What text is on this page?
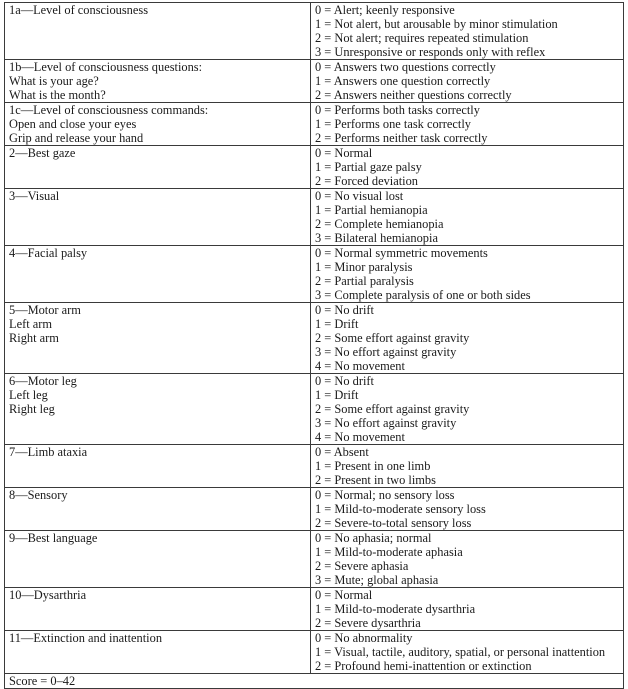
1a—Level of consciousness	0 = Alert; keenly responsive
1 = Not alert, but arousable by minor stimulation
2 = Not alert; requires repeated stimulation
3 = Unresponsive or responds only with reflex

1b—Level of consciousness questions:
What is your age?
What is the month?	0 = Answers two questions correctly
1 = Answers one question correctly
2 = Answers neither questions correctly

1c—Level of consciousness commands:
Open and close your eyes
Grip and release your hand	0 = Performs both tasks correctly
1 = Performs one task correctly
2 = Performs neither task correctly

2—Best gaze	0 = Normal
1 = Partial gaze palsy
2 = Forced deviation

3—Visual	0 = No visual lost
1 = Partial hemianopia
2 = Complete hemianopia
3 = Bilateral hemianopia

4—Facial palsy	0 = Normal symmetric movements
1 = Minor paralysis
2 = Partial paralysis
3 = Complete paralysis of one or both sides

5—Motor arm
Left arm
Right arm	0 = No drift
1 = Drift
2 = Some effort against gravity
3 = No effort against gravity
4 = No movement

6—Motor leg
Left leg
Right leg	0 = No drift
1 = Drift
2 = Some effort against gravity
3 = No effort against gravity
4 = No movement

7—Limb ataxia	0 = Absent
1 = Present in one limb
2 = Present in two limbs

8—Sensory	0 = Normal; no sensory loss
1 = Mild-to-moderate sensory loss
2 = Severe-to-total sensory loss

9—Best language	0 = No aphasia; normal
1 = Mild-to-moderate aphasia
2 = Severe aphasia
3 = Mute; global aphasia

10—Dysarthria	0 = Normal
1 = Mild-to-moderate dysarthria
2 = Severe dysarthria

11—Extinction and inattention	0 = No abnormality
1 = Visual, tactile, auditory, spatial, or personal inattention
2 = Profound hemi-inattention or extinction

Score = 0–42	
